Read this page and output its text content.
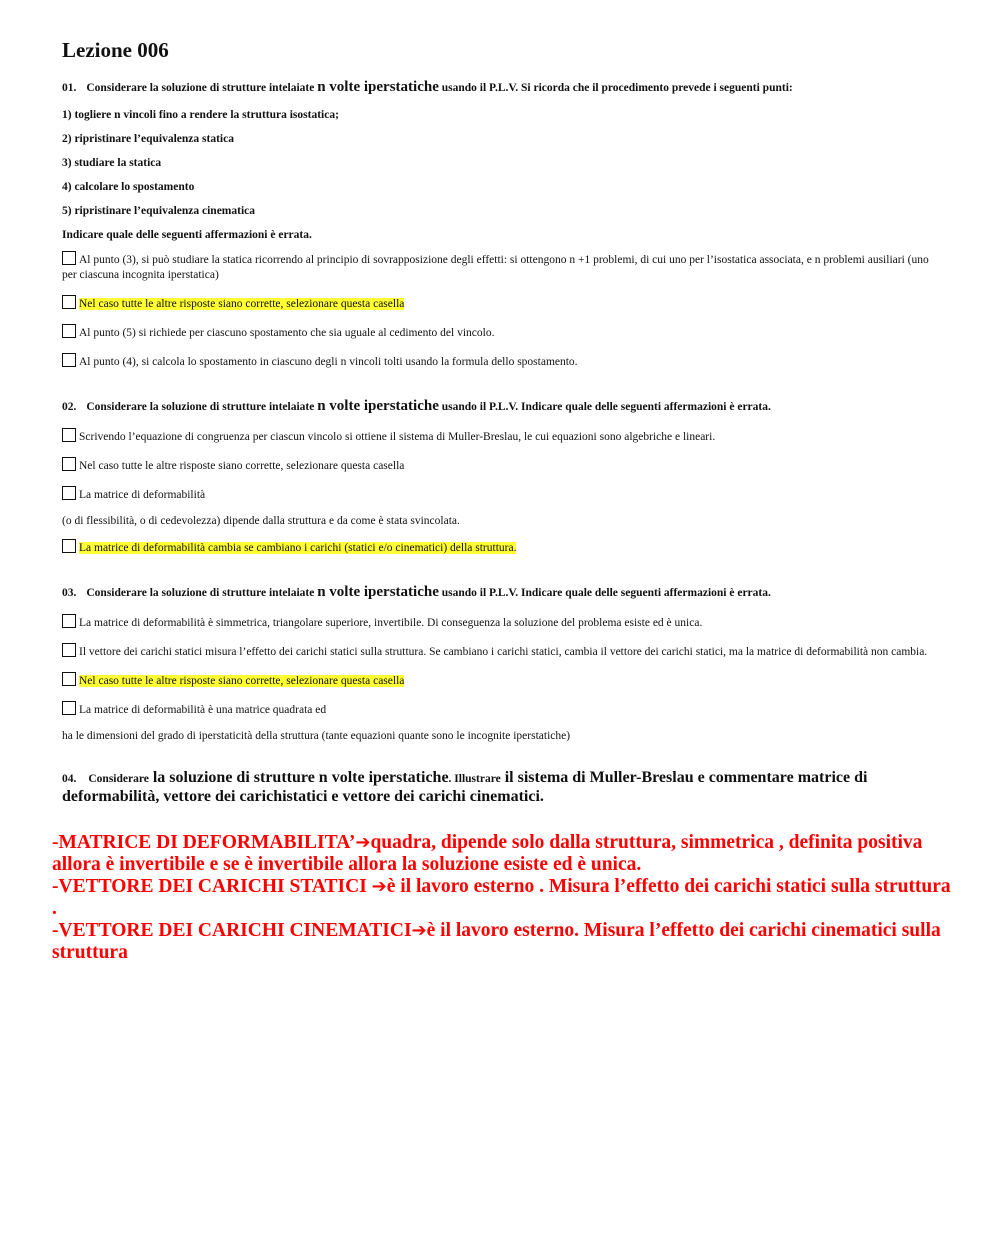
Lezione 006
01. Considerare la soluzione di strutture intelaiate n volte iperstatiche usando il P.L.V. Si ricorda che il procedimento prevede i seguenti punti:
1) togliere n vincoli fino a rendere la struttura isostatica;
2) ripristinare l’equivalenza statica
3) studiare la statica
4) calcolare lo spostamento
5) ripristinare l’equivalenza cinematica
Indicare quale delle seguenti affermazioni è errata.
Al punto (3), si può studiare la statica ricorrendo al principio di sovrapposizione degli effetti: si ottengono n +1 problemi, di cui uno per l’isostatica associata, e n problemi ausiliari (uno per ciascuna incognita iperstatica)
Nel caso tutte le altre risposte siano corrette, selezionare questa casella
Al punto (5) si richiede per ciascuno spostamento che sia uguale al cedimento del vincolo.
Al punto (4), si calcola lo spostamento in ciascuno degli n vincoli tolti usando la formula dello spostamento.
02. Considerare la soluzione di strutture intelaiate n volte iperstatiche usando il P.L.V. Indicare quale delle seguenti affermazioni è errata.
Scrivendo l’equazione di congruenza per ciascun vincolo si ottiene il sistema di Muller-Breslau, le cui equazioni sono algebriche e lineari.
Nel caso tutte le altre risposte siano corrette, selezionare questa casella
La matrice di deformabilità
(o di flessibilità, o di cedevolezza) dipende dalla struttura e da come è stata svincolata.
La matrice di deformabilità cambia se cambiano i carichi (statici e/o cinematici) della struttura.
03. Considerare la soluzione di strutture intelaiate n volte iperstatiche usando il P.L.V. Indicare quale delle seguenti affermazioni è errata.
La matrice di deformabilità è simmetrica, triangolare superiore, invertibile. Di conseguenza la soluzione del problema esiste ed è unica.
Il vettore dei carichi statici misura l’effetto dei carichi statici sulla struttura. Se cambiano i carichi statici, cambia il vettore dei carichi statici, ma la matrice di deformabilità non cambia.
Nel caso tutte le altre risposte siano corrette, selezionare questa casella
La matrice di deformabilità è una matrice quadrata ed
ha le dimensioni del grado di iperstaticità della struttura (tante equazioni quante sono le incognite iperstatiche)
04. Considerare la soluzione di strutture n volte iperstatiche. Illustrare il sistema di Muller-Breslau e commentare matrice di deformabilità, vettore dei carichistatici e vettore dei carichi cinematici.

-MATRICE DI DEFORMABILITA’➔quadra, dipende solo dalla struttura, simmetrica , definita positiva allora è invertibile e se è invertibile allora la soluzione esiste ed è unica.

-VETTORE DEI CARICHI STATICI ➔è il lavoro esterno . Misura l’effetto dei carichi statici sulla struttura .

-VETTORE DEI CARICHI CINEMATICI➔è il lavoro esterno. Misura l’effetto dei carichi cinematici sulla struttura
